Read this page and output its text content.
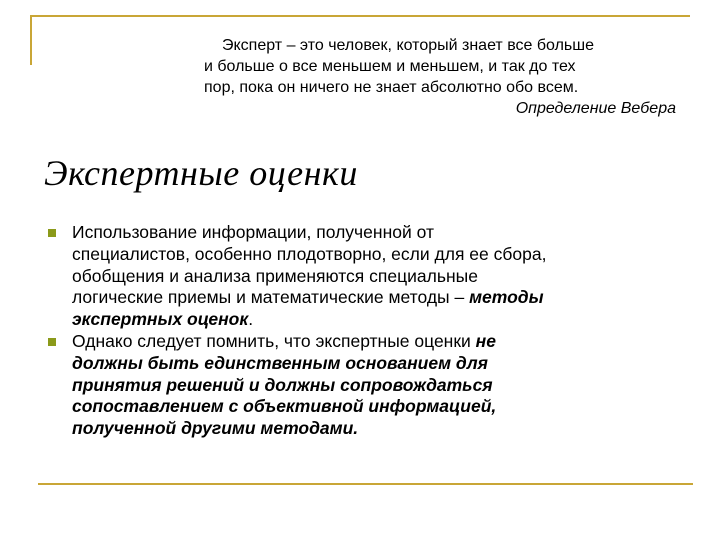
Эксперт – это человек, который знает все больше
и больше о все меньшем и меньшем, и так до тех
пор, пока он ничего не знает абсолютно обо всем.
Определение Вебера
Экспертные оценки
Использование информации, полученной от
специалистов, особенно плодотворно, если для ее сбора,
обобщения и анализа применяются специальные
логические приемы и математические методы – методы
экспертных оценок.
Однако следует помнить, что экспертные оценки не
должны быть единственным основанием для
принятия решений и должны сопровождаться
сопоставлением с объективной информацией,
полученной другими методами.
